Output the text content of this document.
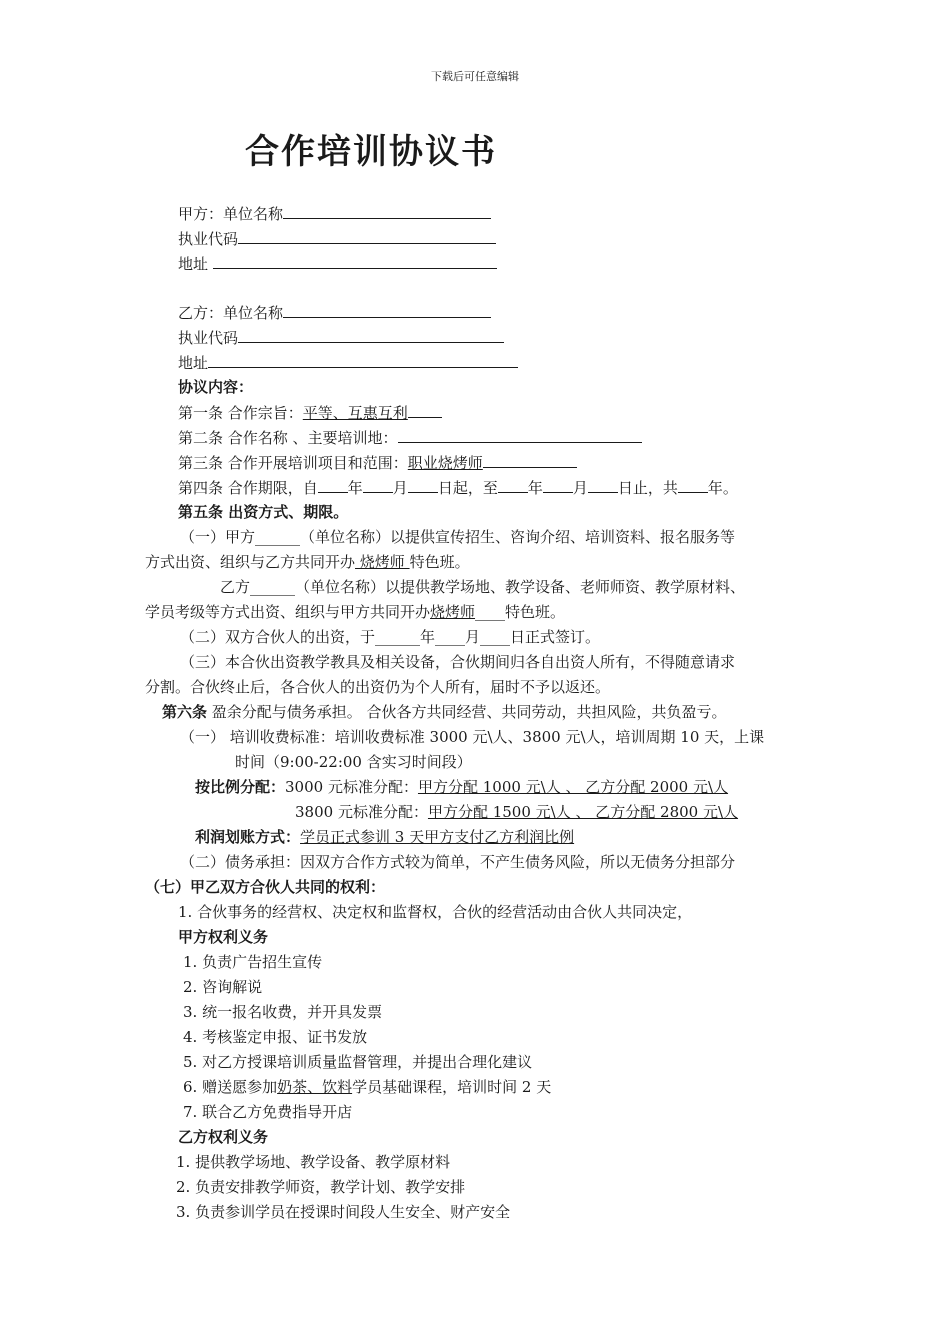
下载后可任意编辑
合作培训协议书
甲方：单位名称
执业代码
地址
乙方：单位名称
执业代码
地址
协议内容：
第一条 合作宗旨：平等、互惠互利
第二条 合作名称 、主要培训地：
第三条 合作开展培训项目和范围：职业烧烤师
第四条 合作期限，自 年 月 日起，至 年 月 日止，共 年。
第五条 出资方式、期限。
（一）甲方______（单位名称）以提供宣传招生、咨询介绍、培训资料、报名服务等
方式出资、组织与乙方共同开办 烧烤师 特色班。
乙方______（单位名称）以提供教学场地、教学设备、老师师资、教学原材料、
学员考级等方式出资、组织与甲方共同开办烧烤师____特色班。
（二）双方合伙人的出资，于______年____月____日正式签订。
（三）本合伙出资教学教具及相关设备，合伙期间归各自出资人所有，不得随意请求
分割。合伙终止后，各合伙人的出资仍为个人所有，届时不予以返还。
第六条 盈余分配与债务承担。 合伙各方共同经营、共同劳动，共担风险，共负盈亏。
（一） 培训收费标准：培训收费标准 3000 元\人、3800 元\人，培训周期 10 天，上课
时间（9:00-22:00 含实习时间段）
按比例分配：3000 元标准分配：甲方分配 1000 元\人 、 乙方分配 2000 元\人
3800 元标准分配：甲方分配 1500 元\人 、 乙方分配 2800 元\人
利润划账方式：学员正式参训 3 天甲方支付乙方利润比例
（二）债务承担：因双方合作方式较为简单，不产生债务风险，所以无债务分担部分
（七）甲乙双方合伙人共同的权利：
1. 合伙事务的经营权、决定权和监督权，合伙的经营活动由合伙人共同决定，
甲方权利义务
1. 负责广告招生宣传
2. 咨询解说
3. 统一报名收费，并开具发票
4. 考核鉴定申报、证书发放
5. 对乙方授课培训质量监督管理，并提出合理化建议
6. 赠送愿参加奶茶、饮料学员基础课程，培训时间 2 天
7. 联合乙方免费指导开店
乙方权利义务
1. 提供教学场地、教学设备、教学原材料
2. 负责安排教学师资，教学计划、教学安排
3. 负责参训学员在授课时间段人生安全、财产安全
